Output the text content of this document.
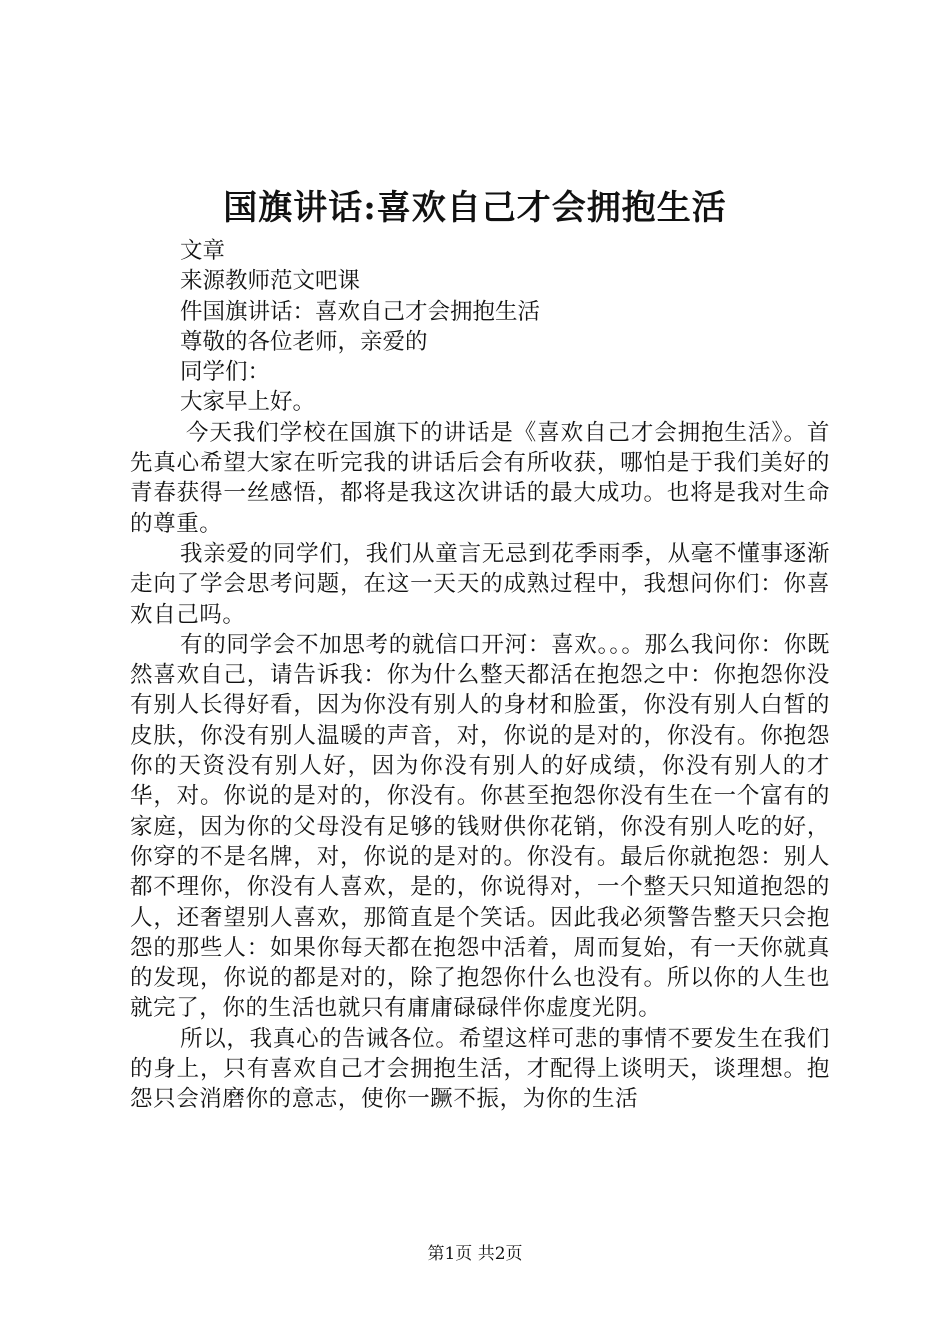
国旗讲话:喜欢自己才会拥抱生活

文章

来源教师范文吧课

件国旗讲话：喜欢自己才会拥抱生活

尊敬的各位老师，亲爱的

同学们：

大家早上好。

今天我们学校在国旗下的讲话是《喜欢自己才会拥抱生活》。首先真心希望大家在听完我的讲话后会有所收获，哪怕是于我们美好的青春获得一丝感悟，都将是我这次讲话的最大成功。也将是我对生命的尊重。

我亲爱的同学们，我们从童言无忌到花季雨季，从毫不懂事逐渐走向了学会思考问题，在这一天天的成熟过程中，我想问你们：你喜欢自己吗。

有的同学会不加思考的就信口开河：喜欢。。。那么我问你：你既然喜欢自己，请告诉我：你为什么整天都活在抱怨之中：你抱怨你没有别人长得好看，因为你没有别人的身材和脸蛋，你没有别人白皙的皮肤，你没有别人温暖的声音，对，你说的是对的，你没有。你抱怨你的天资没有别人好，因为你没有别人的好成绩，你没有别人的才华，对。你说的是对的，你没有。你甚至抱怨你没有生在一个富有的家庭，因为你的父母没有足够的钱财供你花销，你没有别人吃的好，你穿的不是名牌，对，你说的是对的。你没有。最后你就抱怨：别人都不理你，你没有人喜欢，是的，你说得对，一个整天只知道抱怨的人，还奢望别人喜欢，那简直是个笑话。因此我必须警告整天只会抱怨的那些人：如果你每天都在抱怨中活着，周而复始，有一天你就真的发现，你说的都是对的，除了抱怨你什么也没有。所以你的人生也就完了，你的生活也就只有庸庸碌碌伴你虚度光阴。

所以，我真心的告诫各位。希望这样可悲的事情不要发生在我们的身上，只有喜欢自己才会拥抱生活，才配得上谈明天，谈理想。抱怨只会消磨你的意志，使你一蹶不振，为你的生活

第1页 共2页
